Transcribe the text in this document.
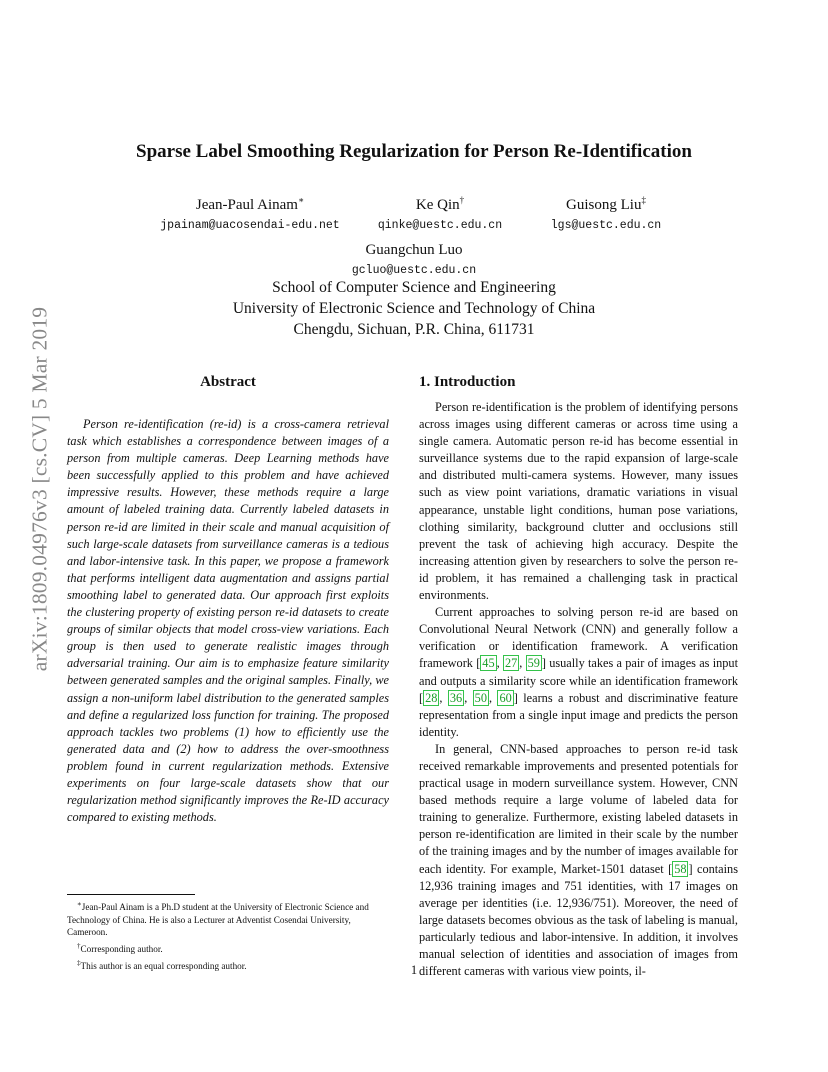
arXiv:1809.04976v3 [cs.CV] 5 Mar 2019
Sparse Label Smoothing Regularization for Person Re-Identification
Jean-Paul Ainam∗
jpainam@uacosendai-edu.net
Ke Qin†
qinke@uestc.edu.cn
Guisong Liu‡
lgs@uestc.edu.cn
Guangchun Luo
gcluo@uestc.edu.cn
School of Computer Science and Engineering
University of Electronic Science and Technology of China
Chengdu, Sichuan, P.R. China, 611731
Abstract

Person re-identification (re-id) is a cross-camera retrieval task which establishes a correspondence between images of a person from multiple cameras. Deep Learning methods have been successfully applied to this problem and have achieved impressive results. However, these methods require a large amount of labeled training data. Currently labeled datasets in person re-id are limited in their scale and manual acquisition of such large-scale datasets from surveillance cameras is a tedious and labor-intensive task. In this paper, we propose a framework that performs intelligent data augmentation and assigns partial smoothing label to generated data. Our approach first exploits the clustering property of existing person re-id datasets to create groups of similar objects that model cross-view variations. Each group is then used to generate realistic images through adversarial training. Our aim is to emphasize feature similarity between generated samples and the original samples. Finally, we assign a non-uniform label distribution to the generated samples and define a regularized loss function for training. The proposed approach tackles two problems (1) how to efficiently use the generated data and (2) how to address the over-smoothness problem found in current regularization methods. Extensive experiments on four large-scale datasets show that our regularization method significantly improves the Re-ID accuracy compared to existing methods.

1. Introduction

Person re-identification is the problem of identifying persons across images using different cameras or across time using a single camera. Automatic person re-id has become essential in surveillance systems due to the rapid expansion of large-scale and distributed multi-camera systems. However, many issues such as view point variations, dramatic variations in visual appearance, unstable light conditions, human pose variations, clothing similarity, background clutter and occlusions still prevent the task of achieving high accuracy. Despite the increasing attention given by researchers to solve the person re-id problem, it has remained a challenging task in practical environments.

Current approaches to solving person re-id are based on Convolutional Neural Network (CNN) and generally follow a verification or identification framework. A verification framework [ 45 , 27 , 59 ] usually takes a pair of images as input and outputs a similarity score while an identification framework [ 28 , 36 , 50 , 60 ] learns a robust and discriminative feature representation from a single input image and predicts the person identity.

In general, CNN-based approaches to person re-id task received remarkable improvements and presented potentials for practical usage in modern surveillance system. However, CNN based methods require a large volume of labeled data for training to generalize. Furthermore, existing labeled datasets in person re-identification are limited in their scale by the number of the training images and by the number of images available for each identity. For example, Market-1501 dataset [ 58 ] contains 12,936 training images and 751 identities, with 17 images on average per identities (i.e. 12,936/751). Moreover, the need of large datasets becomes obvious as the task of labeling is manual, particularly tedious and labor-intensive. In addition, it involves manual selection of identities and association of images from different cameras with various view points, il-

∗Jean-Paul Ainam is a Ph.D student at the University of Electronic Science and Technology of China. He is also a Lecturer at Adventist Cosendai University, Cameroon.

†Corresponding author.

‡This author is an equal corresponding author.	1
